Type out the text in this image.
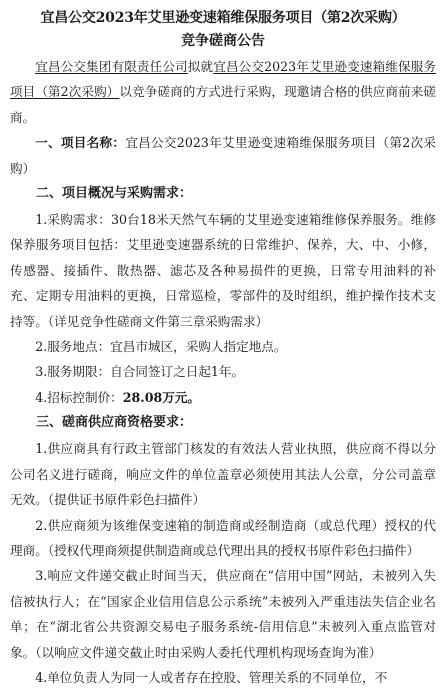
宜昌公交2023年艾里逊变速箱维保服务项目（第2次采购）
竞争磋商公告

宜昌公交集团有限责任公司拟就宜昌公交2023年艾里逊变速箱维保服务项目（第2次采购）以竞争磋商的方式进行采购，现邀请合格的供应商前来磋商。

一、项目名称：宜昌公交2023年艾里逊变速箱维保服务项目（第2次采购）

二、项目概况与采购需求：

1.采购需求：30台18米天然气车辆的艾里逊变速箱维修保养服务。维修保养服务项目包括：艾里逊变速器系统的日常维护、保养，大、中、小修，传感器、接插件、散热器、滤芯及各种易损件的更换，日常专用油料的补充、定期专用油料的更换，日常巡检，零部件的及时组织，维护操作技术支持等。（详见竞争性磋商文件第三章采购需求）

2.服务地点：宜昌市城区，采购人指定地点。

3.服务期限：自合同签订之日起1年。

4.招标控制价：28.08万元。

三、磋商供应商资格要求：

1.供应商具有行政主管部门核发的有效法人营业执照，供应商不得以分公司名义进行磋商，响应文件的单位盖章必须使用其法人公章，分公司盖章无效。（提供证书原件彩色扫描件）

2.供应商须为该维保变速箱的制造商或经制造商（或总代理）授权的代理商。（授权代理商须提供制造商或总代理出具的授权书原件彩色扫描件）

3.响应文件递交截止时间当天，供应商在“信用中国”网站，未被列入失信被执行人；在“国家企业信用信息公示系统”未被列入严重违法失信企业名单；在“湖北省公共资源交易电子服务系统-信用信息”未被列入重点监管对象。（以响应文件递交截止时由采购人委托代理机构现场查询为准）

4.单位负责人为同一人或者存在控股、管理关系的不同单位，不
